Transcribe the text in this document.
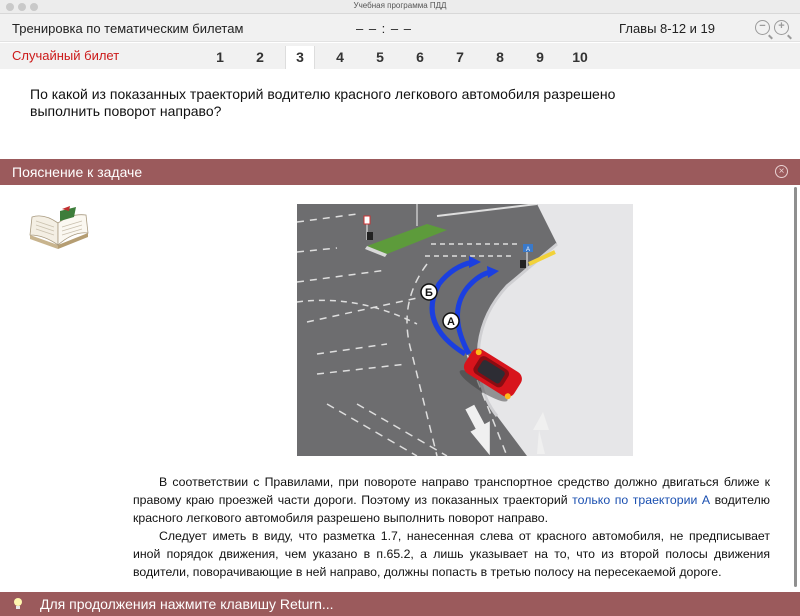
Учебная программа ПДД
Тренировка по тематическим билетам	– – : – –	Главы 8-12 и 19	−	+
Случайный билет	1	2	3	4	5	6	7	8	9	10
По какой из показанных траекторий водителю красного легкового автомобиля разрешено выполнить поворот направо?
Пояснение к задаче	×
А
Б
А

В соответствии с Правилами, при повороте направо транспортное средство должно двигаться ближе к правому краю проезжей части дороги. Поэтому из показанных траекторий только по траектории А водителю красного легкового автомобиля разрешено выполнить поворот направо.

Следует иметь в виду, что разметка 1.7, нанесенная слева от красного автомобиля, не предписывает иной порядок движения, чем указано в п.65.2, а лишь указывает на то, что из второй полосы движения водители, поворачивающие в ней направо, должны попасть в третью полосу на пересекаемой дороге.

Для продолжения нажмите клавишу Return...
